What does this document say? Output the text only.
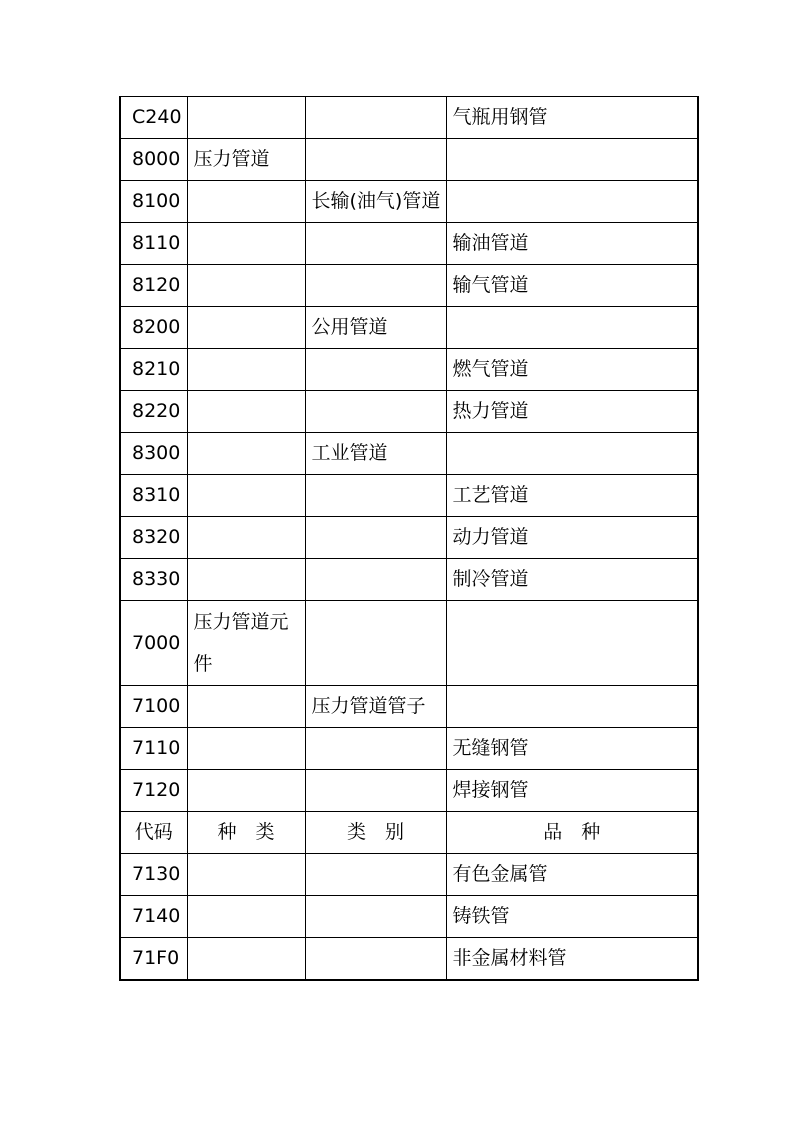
C240			气瓶用钢管
8000	压力管道		
8100		长输(油气)管道	
8110			输油管道
8120			输气管道
8200		公用管道	
8210			燃气管道
8220			热力管道
8300		工业管道	
8310			工艺管道
8320			动力管道
8330			制冷管道
7000	压力管道元件		
7100		压力管道管子	
7110			无缝钢管
7120			焊接钢管
代码	种　类	类　别	品　种
7130			有色金属管
7140			铸铁管
71F0			非金属材料管
